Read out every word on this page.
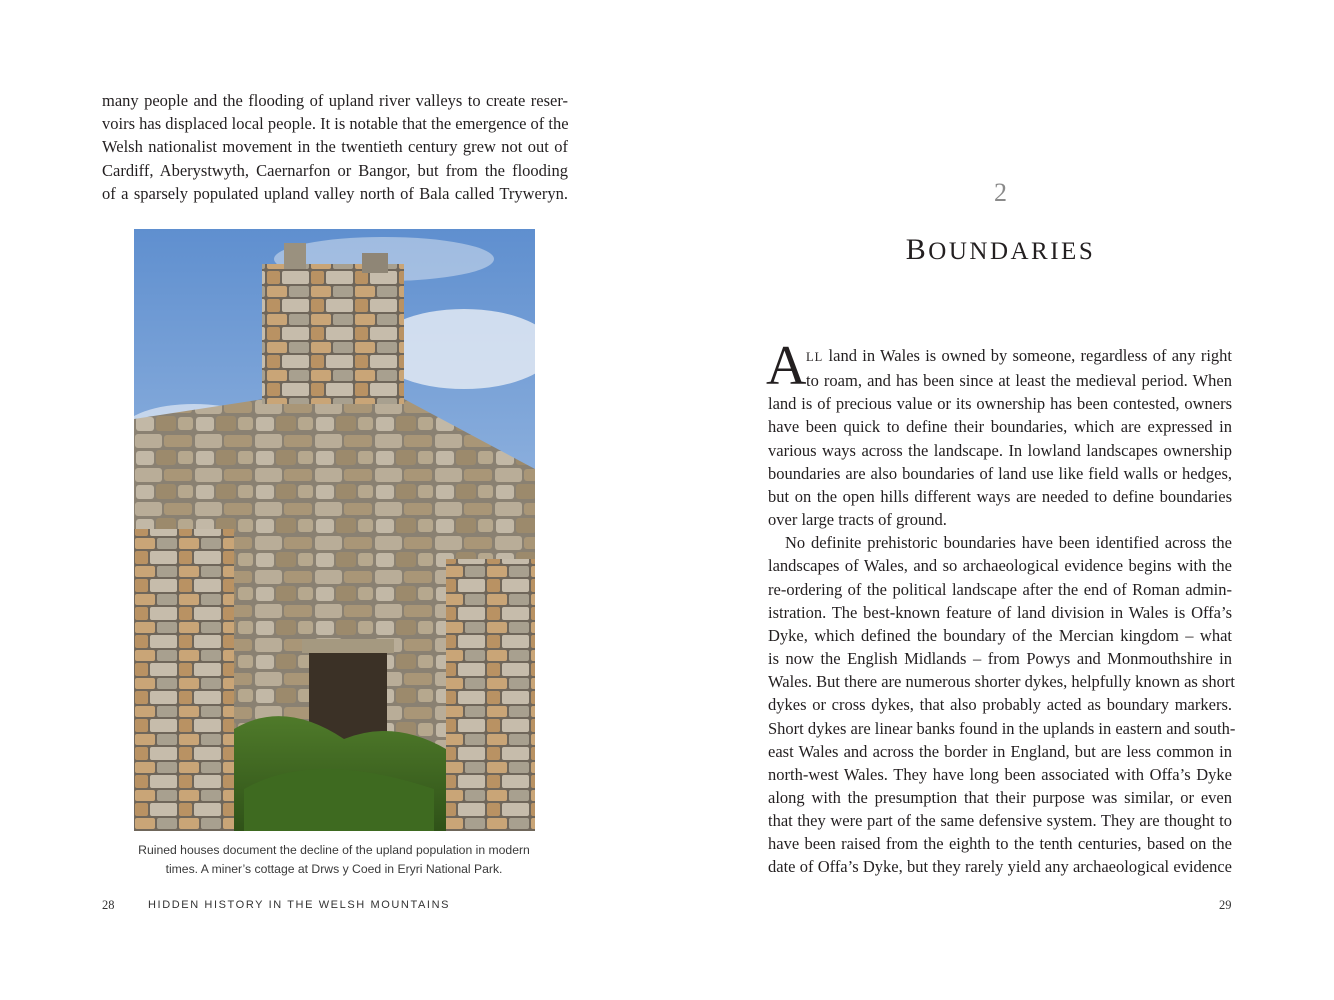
many people and the flooding of upland river valleys to create reser-
voirs has displaced local people. It is notable that the emergence of the
Welsh nationalist movement in the twentieth century grew not out of
Cardiff, Aberystwyth, Caernarfon or Bangor, but from the flooding
of a sparsely populated upland valley north of Bala called Tryweryn.
Ruined houses document the decline of the upland population in modern
times. A miner’s cottage at Drws y Coed in Eryri National Park.
28	HIDDEN HISTORY IN THE WELSH MOUNTAINS
2
BOUNDARIES
A LL land in Wales is owned by someone, regardless of any right
to roam, and has been since at least the medieval period. When
land is of precious value or its ownership has been contested, owners
have been quick to define their boundaries, which are expressed in
various ways across the landscape. In lowland landscapes ownership
boundaries are also boundaries of land use like field walls or hedges,
but on the open hills different ways are needed to define boundaries
over large tracts of ground.
No definite prehistoric boundaries have been identified across the
landscapes of Wales, and so archaeological evidence begins with the
re-ordering of the political landscape after the end of Roman admin-
istration. The best-known feature of land division in Wales is Offa’s
Dyke, which defined the boundary of the Mercian kingdom – what
is now the English Midlands – from Powys and Monmouthshire in
Wales. But there are numerous shorter dykes, helpfully known as short
dykes or cross dykes, that also probably acted as boundary markers.
Short dykes are linear banks found in the uplands in eastern and south-
east Wales and across the border in England, but are less common in
north-west Wales. They have long been associated with Offa’s Dyke
along with the presumption that their purpose was similar, or even
that they were part of the same defensive system. They are thought to
have been raised from the eighth to the tenth centuries, based on the
date of Offa’s Dyke, but they rarely yield any archaeological evidence
29
